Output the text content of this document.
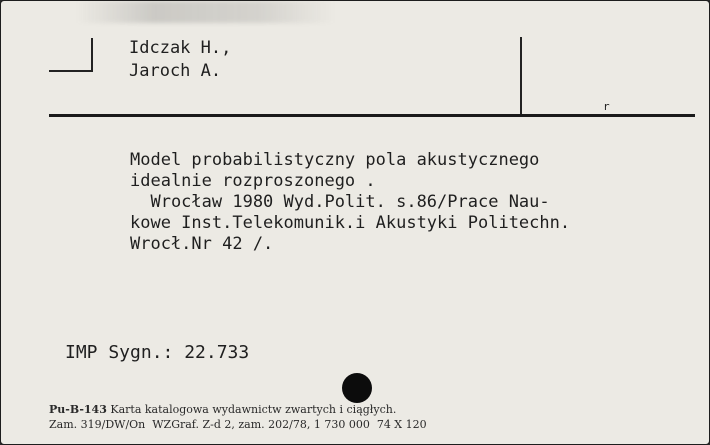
Idczak H.,
Jaroch A.
r
Model probabilistyczny pola akustycznego
idealnie rozproszonego .
Wrocław 1980 Wyd.Polit. s.86/Prace Nau-
kowe Inst.Telekomunik.i Akustyki Politechn.
Wrocł.Nr 42 /.
IMP Sygn.: 22.733
Pu-B-143 Karta katalogowa wydawnictw zwartych i ciągłych.
Zam. 319/DW/On  WZGraf. Z-d 2, zam. 202/78, 1 730 000  74 X 120
